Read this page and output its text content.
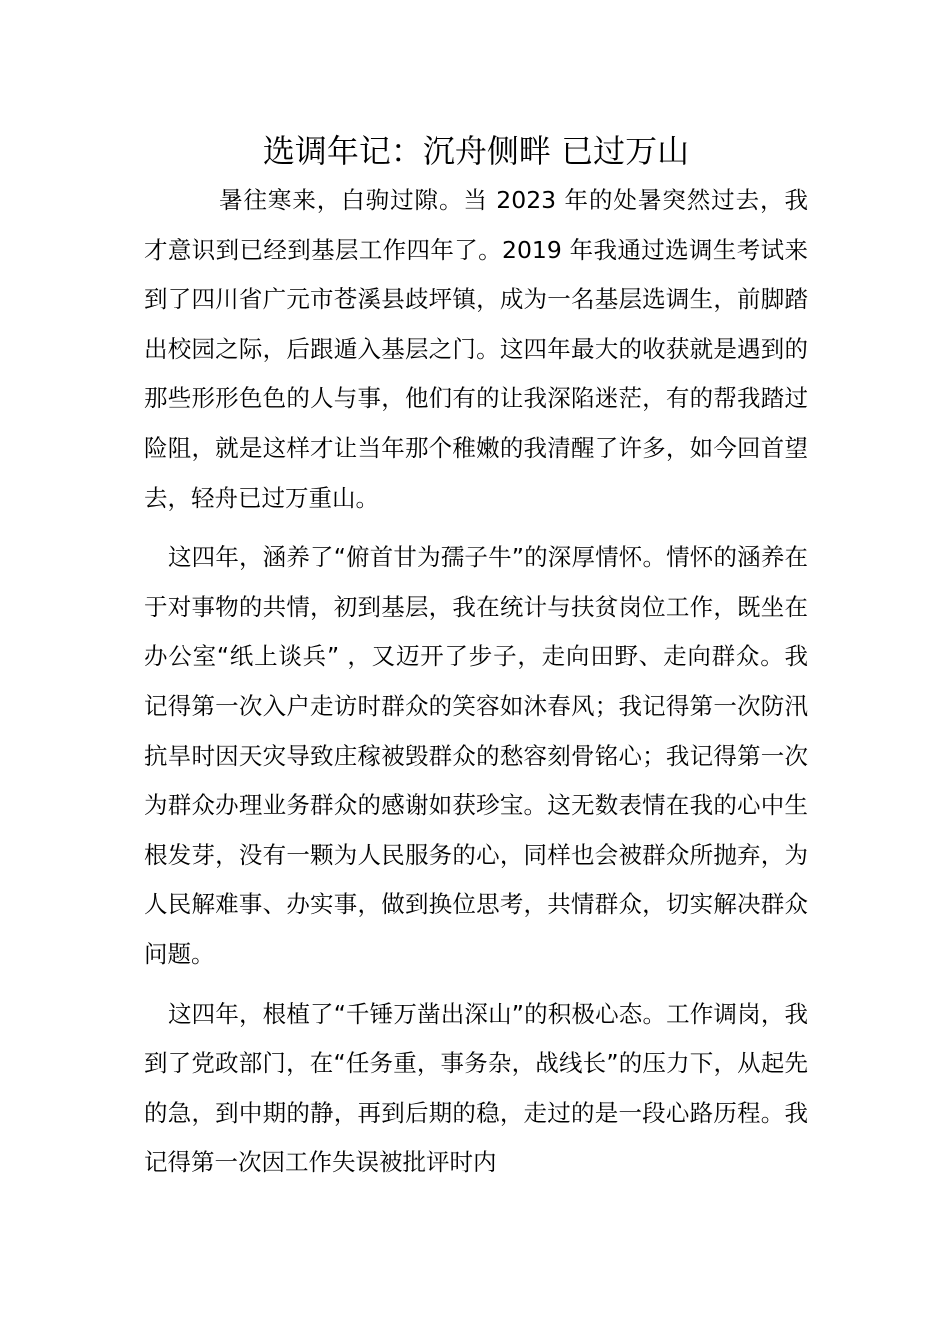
选调年记：沉舟侧畔 已过万山

暑往寒来，白驹过隙。当 2023 年的处暑突然过去，我才意识到已经到基层工作四年了。2019 年我通过选调生考试来到了四川省广元市苍溪县歧坪镇，成为一名基层选调生，前脚踏出校园之际，后跟遁入基层之门。这四年最大的收获就是遇到的那些形形色色的人与事，他们有的让我深陷迷茫，有的帮我踏过险阻，就是这样才让当年那个稚嫩的我清醒了许多，如今回首望去，轻舟已过万重山。

这四年，涵养了“俯首甘为孺子牛”的深厚情怀。情怀的涵养在于对事物的共情，初到基层，我在统计与扶贫岗位工作，既坐在办公室“纸上谈兵” ，又迈开了步子，走向田野、走向群众。我记得第一次入户走访时群众的笑容如沐春风；我记得第一次防汛抗旱时因天灾导致庄稼被毁群众的愁容刻骨铭心；我记得第一次为群众办理业务群众的感谢如获珍宝。这无数表情在我的心中生根发芽，没有一颗为人民服务的心，同样也会被群众所抛弃，为人民解难事、办实事，做到换位思考，共情群众，切实解决群众问题。

这四年，根植了“千锤万凿出深山”的积极心态。工作调岗，我到了党政部门，在“任务重，事务杂，战线长”的压力下，从起先的急，到中期的静，再到后期的稳，走过的是一段心路历程。我记得第一次因工作失误被批评时内
